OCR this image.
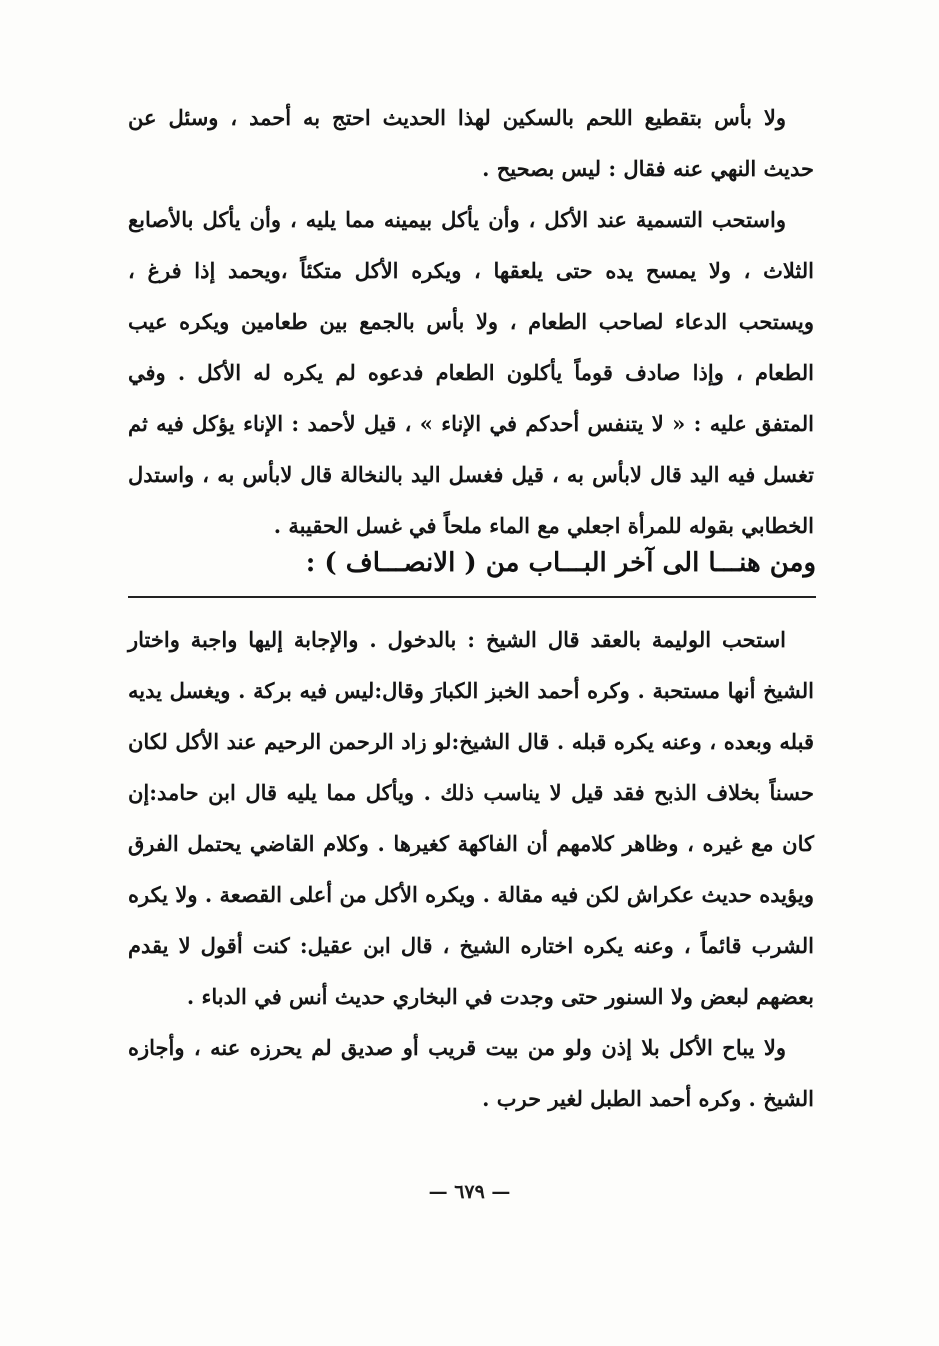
ولا بأس بتقطيع اللحم بالسكين لهذا الحديث احتج به أحمد ، وسئل عن حديث النهي عنه فقال : ليس بصحيح .

واستحب التسمية عند الأكل ، وأن يأكل بيمينه مما يليه ، وأن يأكل بالأصابع الثلاث ، ولا يمسح يده حتى يلعقها ، ويكره الأكل متكئاً ،ويحمد إذا فرغ ، ويستحب الدعاء لصاحب الطعام ، ولا بأس بالجمع بين طعامين ويكره عيب الطعام ، وإذا صادف قوماً يأكلون الطعام فدعوه لم يكره له الأكل . وفي المتفق عليه : « لا يتنفس أحدكم في الإناء » ، قيل لأحمد : الإناء يؤكل فيه ثم تغسل فيه اليد قال لابأس به ، قيل فغسل اليد بالنخالة قال لابأس به ، واستدل الخطابي بقوله للمرأة اجعلي مع الماء ملحاً في غسل الحقيبة .

ومن هنـــا الى آخر البـــاب من ( الانصـــاف ) :

استحب الوليمة بالعقد قال الشيخ : بالدخول . والإجابة إليها واجبة واختار الشيخ أنها مستحبة . وكره أحمد الخبز الكبارَ وقال:ليس فيه بركة . ويغسل يديه قبله وبعده ، وعنه يكره قبله . قال الشيخ:لو زاد الرحمن الرحيم عند الأكل لكان حسناً بخلاف الذبح فقد قيل لا يناسب ذلك . ويأكل مما يليه قال ابن حامد:إن كان مع غيره ، وظاهر كلامهم أن الفاكهة كغيرها . وكلام القاضي يحتمل الفرق ويؤيده حديث عكراش لكن فيه مقالة . ويكره الأكل من أعلى القصعة . ولا يكره الشرب قائماً ، وعنه يكره اختاره الشيخ ، قال ابن عقيل: كنت أقول لا يقدم بعضهم لبعض ولا السنور حتى وجدت في البخاري حديث أنس في الدباء .

ولا يباح الأكل بلا إذن ولو من بيت قريب أو صديق لم يحرزه عنه ، وأجازه الشيخ . وكره أحمد الطبل لغير حرب .

— ٦٧٩ —
